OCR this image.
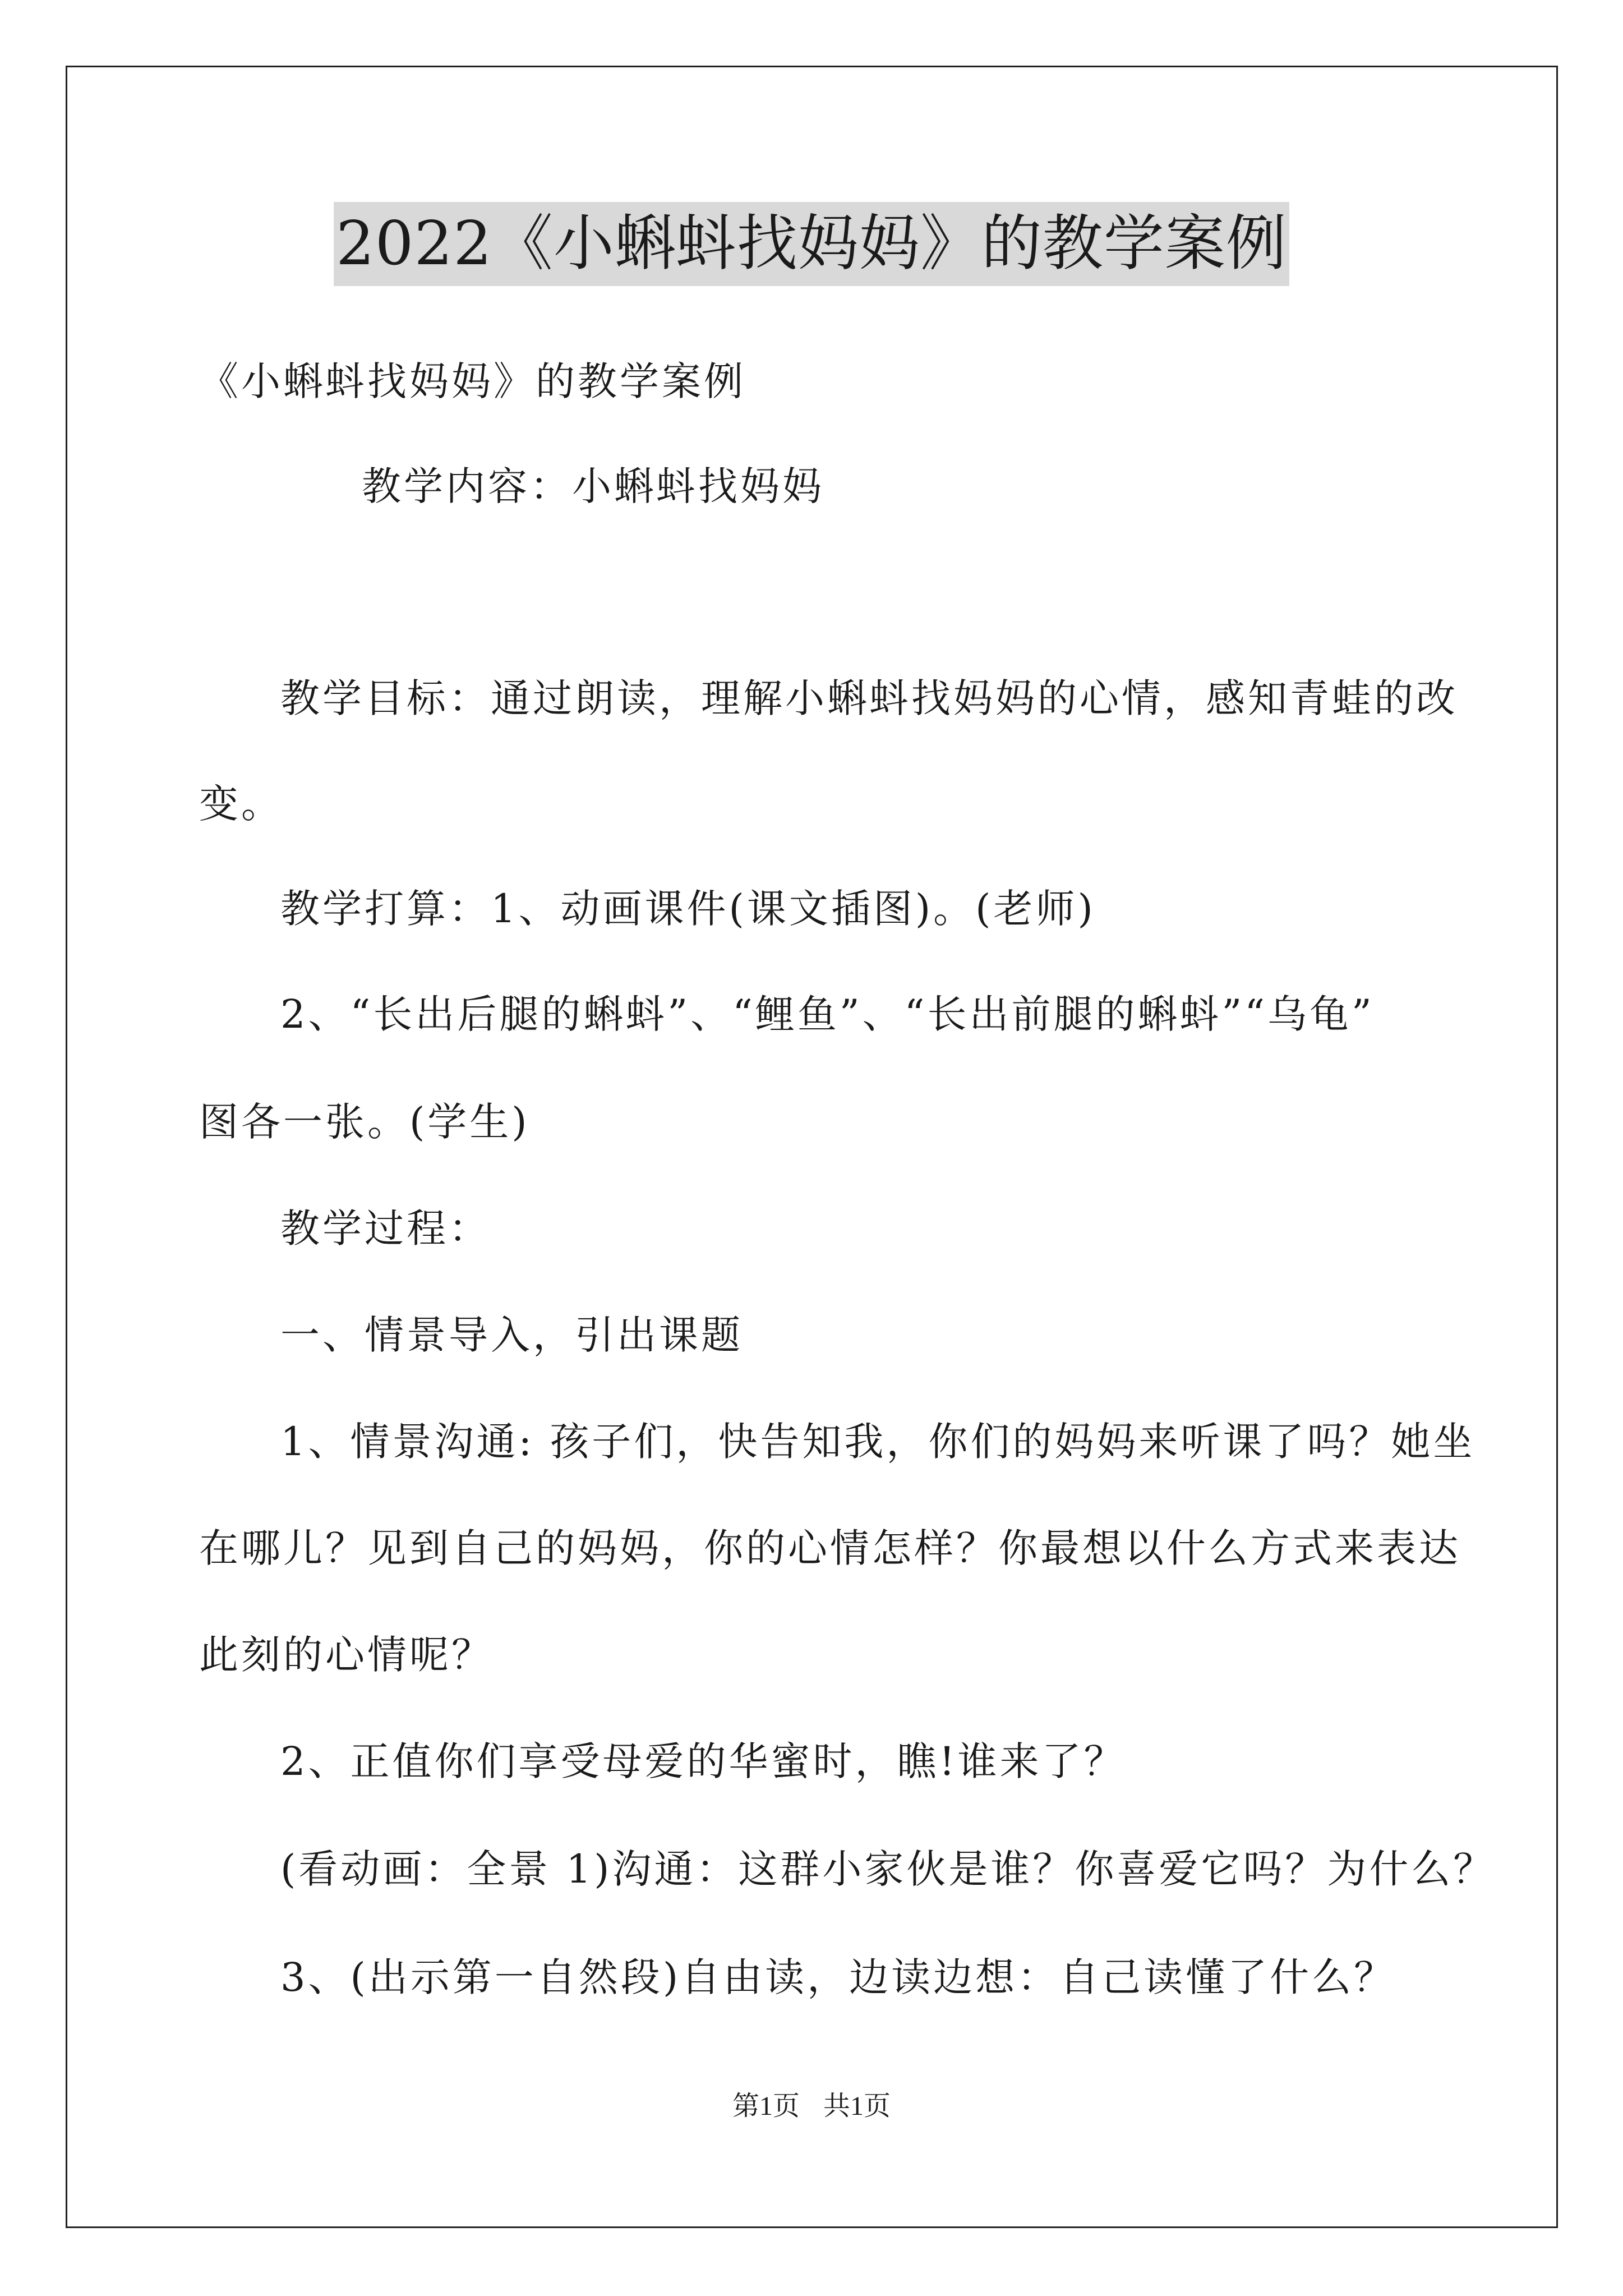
2022《小蝌蚪找妈妈》的教学案例
《小蝌蚪找妈妈》的教学案例
教学内容：小蝌蚪找妈妈
教学目标：通过朗读，理解小蝌蚪找妈妈的心情，感知青蛙的改
变。
教学打算：1、动画课件(课文插图)。(老师)
2、“长出后腿的蝌蚪”、“鲤鱼”、“长出前腿的蝌蚪”“乌龟”
图各一张。(学生)
教学过程：
一、情景导入，引出课题
1、情景沟通: 孩子们，快告知我，你们的妈妈来听课了吗？她坐
在哪儿？见到自己的妈妈，你的心情怎样？你最想以什么方式来表达
此刻的心情呢？
2、正值你们享受母爱的华蜜时，瞧!谁来了？
(看动画：全景 1)沟通：这群小家伙是谁？你喜爱它吗？为什么？
3、(出示第一自然段)自由读，边读边想：自己读懂了什么？
第1页 共1页
